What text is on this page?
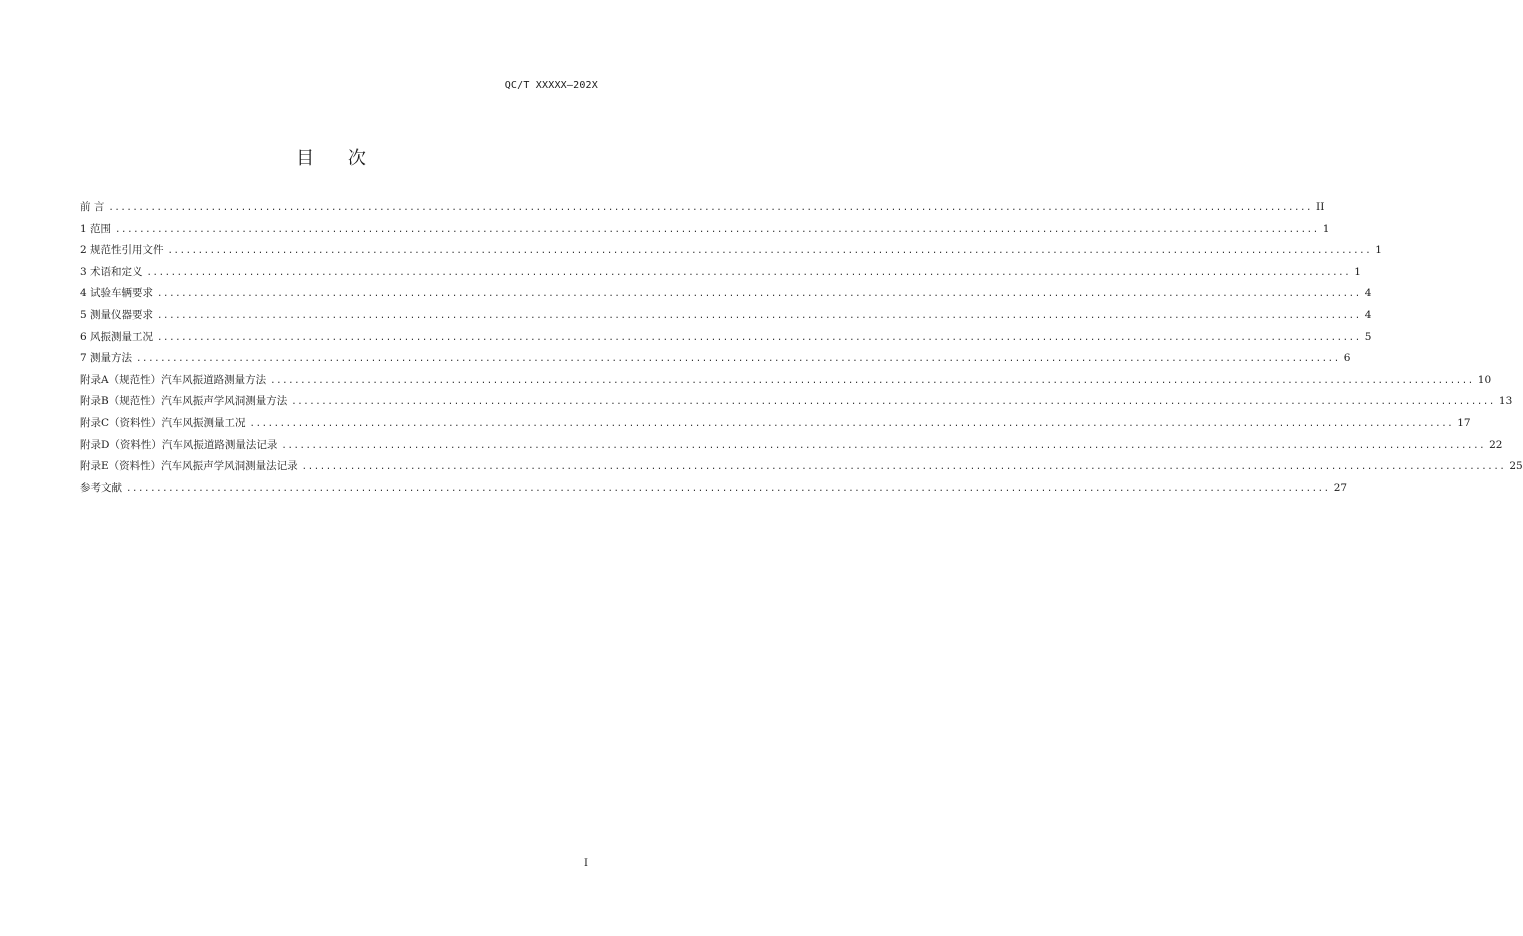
QC/T XXXXX—202X
目 次
前 言 ........................................................................................................................................................................................................ II
1 范围 ........................................................................................................................................................................................................ 1
2 规范性引用文件 ........................................................................................................................................................................................................ 1
3 术语和定义 ........................................................................................................................................................................................................ 1
4 试验车辆要求 ........................................................................................................................................................................................................ 4
5 测量仪器要求 ........................................................................................................................................................................................................ 4
6 风振测量工况 ........................................................................................................................................................................................................ 5
7 测量方法 ........................................................................................................................................................................................................ 6
附录A（规范性）汽车风振道路测量方法 ........................................................................................................................................................................................................ 10
附录B（规范性）汽车风振声学风洞测量方法 ........................................................................................................................................................................................................ 13
附录C（资料性）汽车风振测量工况 ........................................................................................................................................................................................................ 17
附录D（资料性）汽车风振道路测量法记录 ........................................................................................................................................................................................................ 22
附录E（资料性）汽车风振声学风洞测量法记录 ........................................................................................................................................................................................................ 25
参考文献 ........................................................................................................................................................................................................ 27
I
